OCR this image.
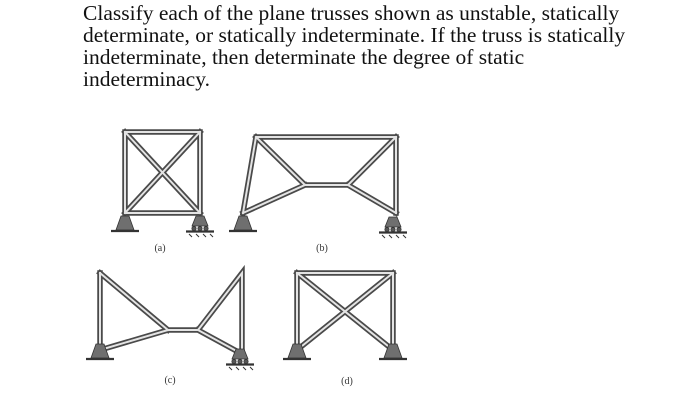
Classify each of the plane trusses shown as unstable, statically
determinate, or statically indeterminate. If the truss is statically
indeterminate, then determinate the degree of static
indeterminacy.

(a)	(b)
(c)	(d)
